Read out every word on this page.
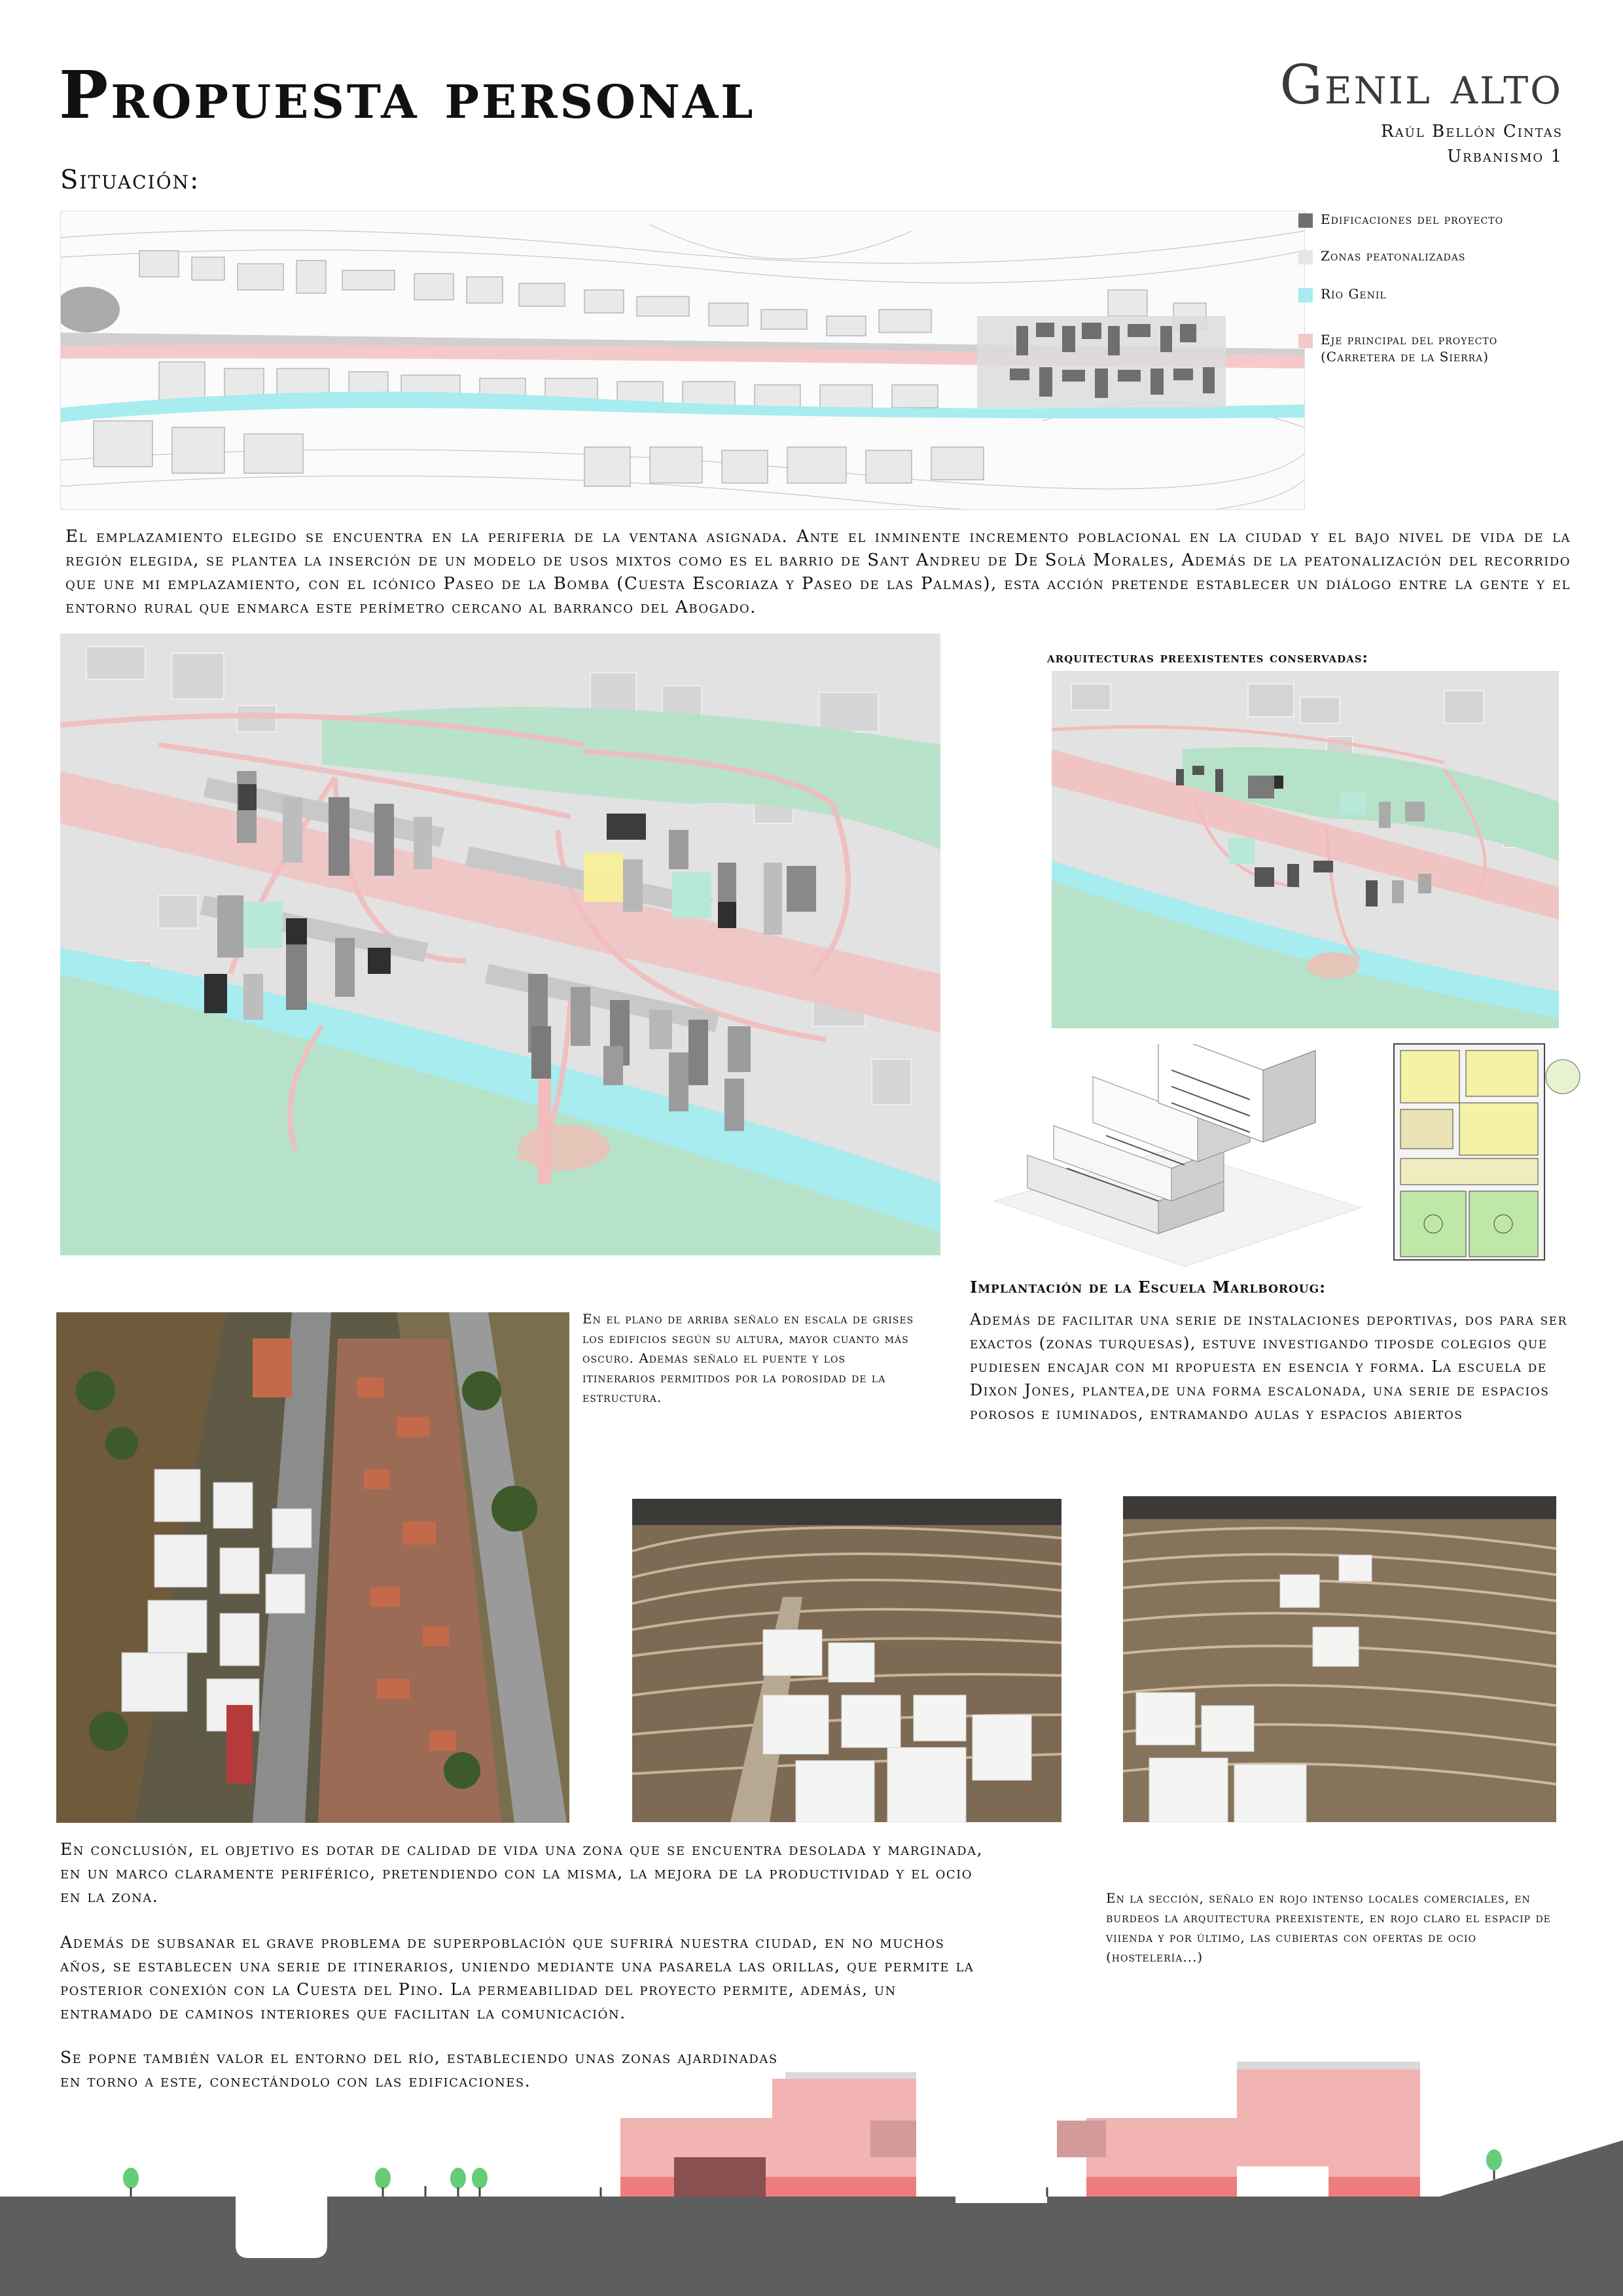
Propuesta personal	Genil alto
Raúl Bellón Cintas
Urbanismo 1
Situación:
Edificaciones del proyecto
Zonas peatonalizadas
Río Genil
Eje principal del proyecto
(Carretera de la Sierra)
El emplazamiento elegido se encuentra en la periferia de la ventana asignada. Ante el inminente incremento poblacional en la ciudad y el bajo nivel de vida de la región elegida, se plantea la inserción de un modelo de usos mixtos como es el barrio de Sant Andreu de De Solá Morales, Además de la peatonalización del recorrido que une mi emplazamiento, con el icónico Paseo de la Bomba (Cuesta Escoriaza y Paseo de las Palmas), esta acción pretende establecer un diálogo entre la gente y el entorno rural que enmarca este perímetro cercano al barranco del Abogado.
arquitecturas preexistentes conservadas:
Implantación de la Escuela Marlboroug:
Además de facilitar una serie de instalaciones deportivas, dos para ser exactos (zonas turquesas), estuve investigando tiposde colegios que pudiesen encajar con mi rpopuesta en esencia y forma. La escuela de Dixon Jones, plantea,de una forma escalonada, una serie de espacios porosos e iuminados, entramando aulas y espacios abiertos
En el plano de arriba señalo en escala de grises los edificios según su altura, mayor cuanto más oscuro. Además señalo el puente y los itinerarios permitidos por la porosidad de la estructura.
En conclusión, el objetivo es dotar de calidad de vida una zona que se encuentra desolada y marginada, en un marco claramente periférico, pretendiendo con la misma, la mejora de la productividad y el ocio en la zona.
Además de subsanar el grave problema de superpoblación que sufrirá nuestra ciudad, en no muchos años, se establecen una serie de itinerarios, uniendo mediante una pasarela las orillas, que permite la posterior conexión con la Cuesta del Pino. La permeabilidad del proyecto permite, además, un entramado de caminos interiores que facilitan la comunicación.
Se popne también valor el entorno del río, estableciendo unas zonas ajardinadas en torno a este, conectándolo con las edificaciones.
En la sección, señalo en rojo intenso locales comerciales, en burdeos la arquitectura preexistente, en rojo claro el espacip de viienda y por último, las cubiertas con ofertas de ocio (hostelería...)
